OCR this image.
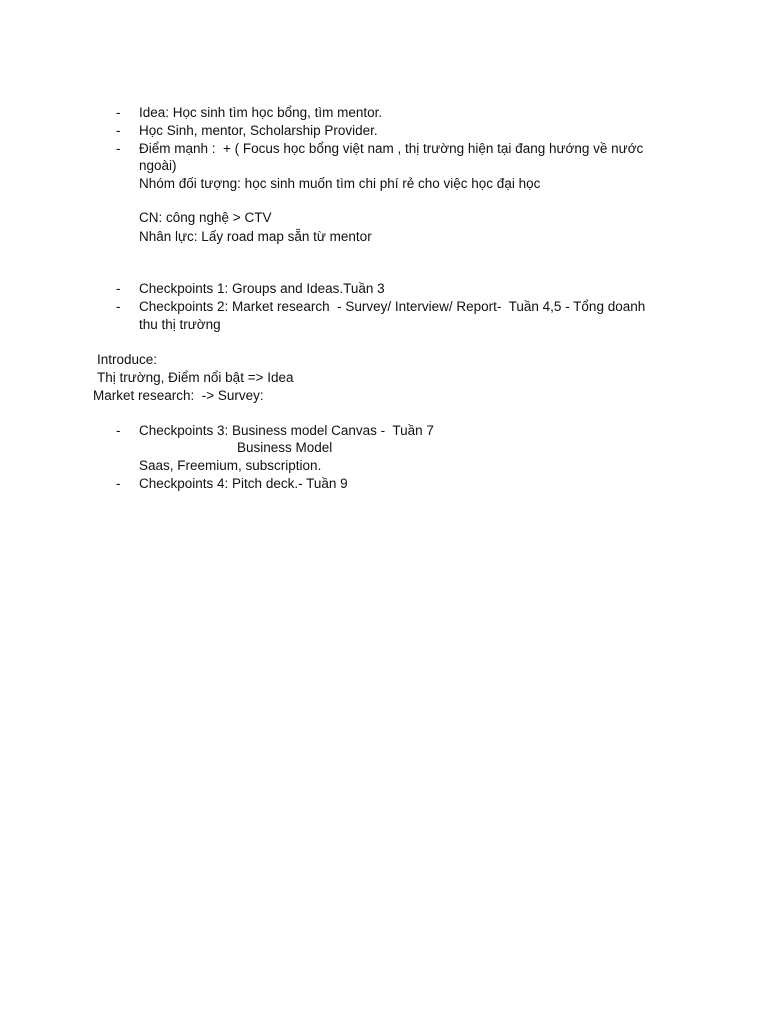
- Idea: Học sinh tìm học bổng, tìm mentor.
- Học Sinh, mentor, Scholarship Provider.
- Điểm mạnh :  + ( Focus học bổng việt nam , thị trường hiện tại đang hướng về nước
ngoài)
Nhóm đối tượng: học sinh muốn tìm chi phí rẻ cho việc học đại học
CN: công nghệ > CTV
Nhân lực: Lấy road map sẵn từ mentor
- Checkpoints 1: Groups and Ideas.Tuần 3
- Checkpoints 2: Market research  - Survey/ Interview/ Report-  Tuần 4,5 - Tổng doanh
thu thị trường
Introduce:
Thị trường, Điểm nổi bật => Idea
Market research:  -> Survey:
- Checkpoints 3: Business model Canvas -  Tuần 7
Business Model
Saas, Freemium, subscription.
- Checkpoints 4: Pitch deck.- Tuần 9
